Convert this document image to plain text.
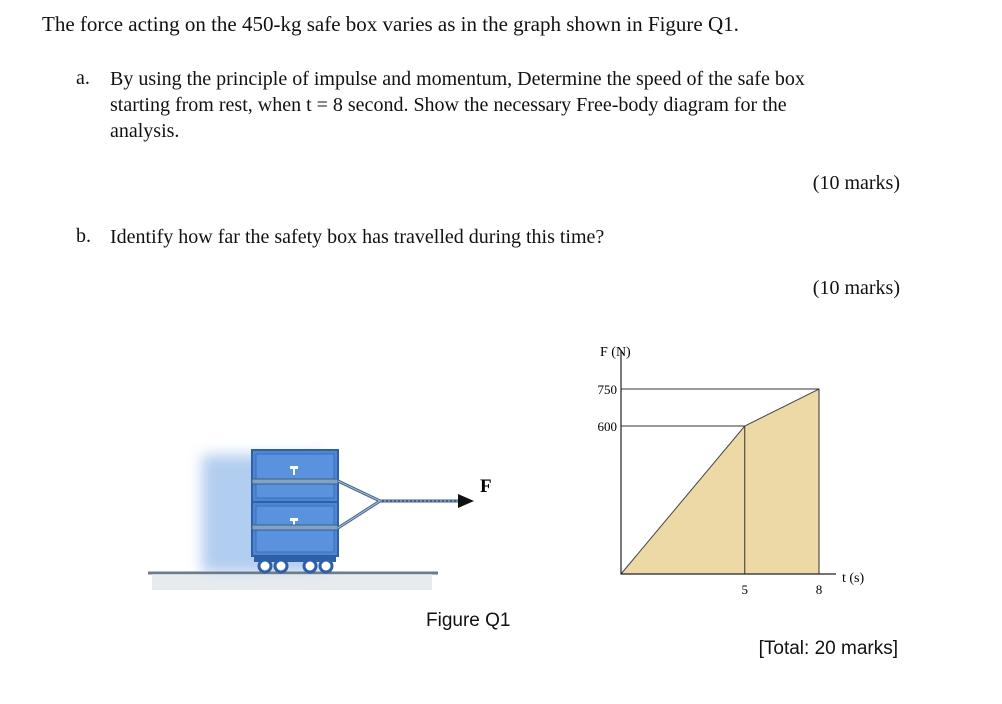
The force acting on the 450-kg safe box varies as in the graph shown in Figure Q1.
a. By using the principle of impulse and momentum, Determine the speed of the safe box
starting from rest, when t = 8 second. Show the necessary Free-body diagram for the
analysis.
(10 marks)
b. Identify how far the safety box has travelled during this time?
(10 marks)
F
F (N)
t (s)
750
600
5	8
Figure Q1
[Total: 20 marks]
